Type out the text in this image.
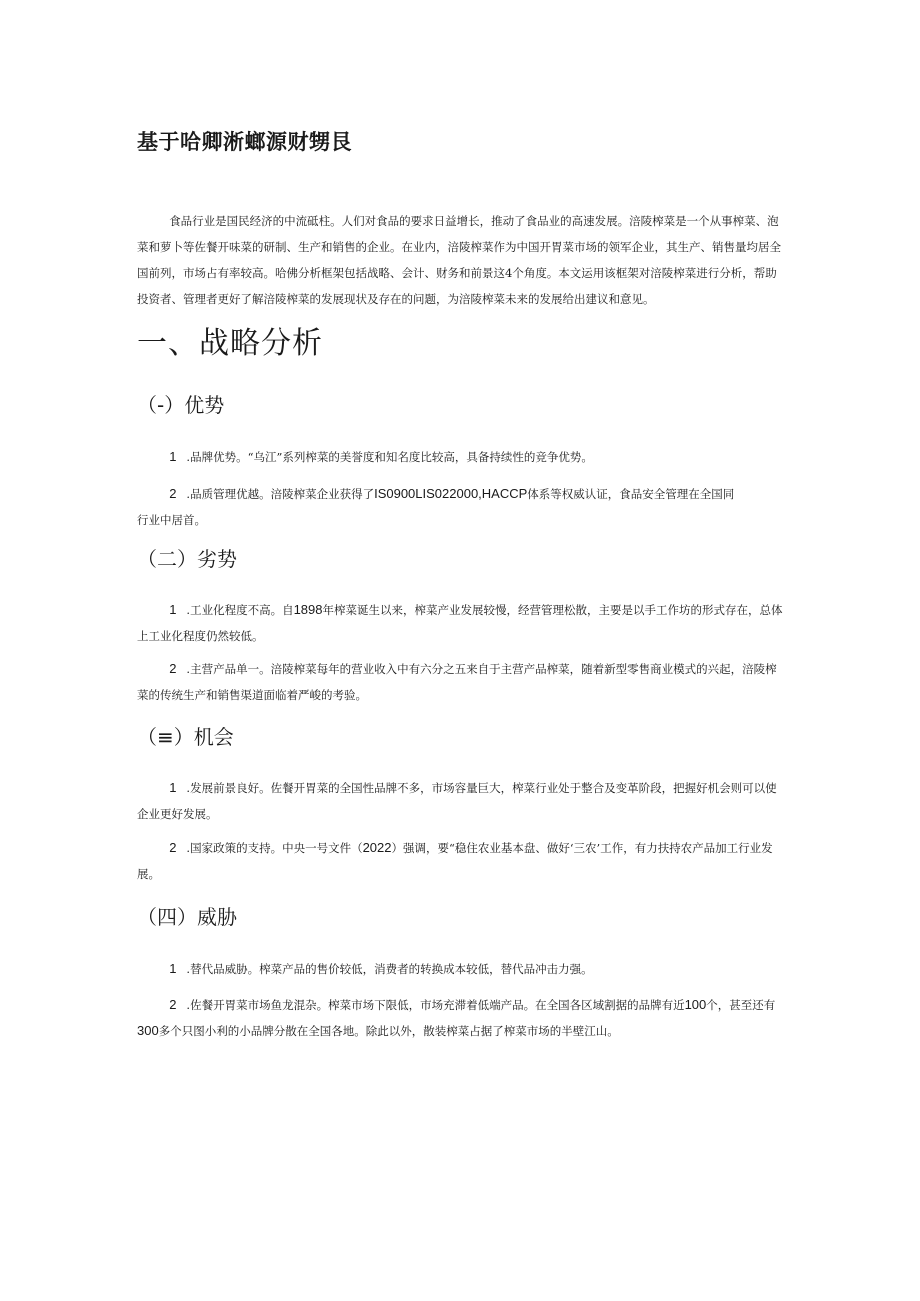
基于哈卿淅螂源财甥艮
食品行业是国民经济的中流砥柱。人们对食品的要求日益增长，推动了食品业的高速发展。涪陵榨菜是一个从事榨菜、泡菜和萝卜等佐餐开味菜的研制、生产和销售的企业。在业内，涪陵榨菜作为中国开胃菜市场的领军企业，其生产、销售量均居全国前列，市场占有率较高。哈佛分析框架包括战略、会计、财务和前景这4个角度。本文运用该框架对涪陵榨菜进行分析，帮助投资者、管理者更好了解涪陵榨菜的发展现状及存在的问题，为涪陵榨菜未来的发展给出建议和意见。
一、战略分析
（-）优势
1 .品牌优势。“乌江”系列榨菜的美誉度和知名度比较高，具备持续性的竞争优势。
2 .品质管理优越。涪陵榨菜企业获得了IS0900LIS022000,HACCP体系等权威认证，食品安全管理在全国同
行业中居首。
（二）劣势
1 .工业化程度不高。自1898年榨菜诞生以来，榨菜产业发展较慢，经营管理松散，主要是以手工作坊的形式存在，总体上工业化程度仍然较低。
2 .主营产品单一。涪陵榨菜每年的营业收入中有六分之五来自于主营产品榨菜，随着新型零售商业模式的兴起，涪陵榨菜的传统生产和销售渠道面临着严峻的考验。
（≡）机会
1 .发展前景良好。佐餐开胃菜的全国性品牌不多，市场容量巨大，榨菜行业处于整合及变革阶段，把握好机会则可以使企业更好发展。
2 .国家政策的支持。中央一号文件（2022）强调，要“稳住农业基本盘、做好‘三农’工作，有力扶持农产品加工行业发展。
（四）威胁
1 .替代品威胁。榨菜产品的售价较低，消费者的转换成本较低，替代品冲击力强。
2 .佐餐开胃菜市场鱼龙混杂。榨菜市场下限低，市场充滞着低端产品。在全国各区域割据的品牌有近100个，甚至还有300多个只图小利的小品牌分散在全国各地。除此以外，散装榨菜占据了榨菜市场的半壁江山。
